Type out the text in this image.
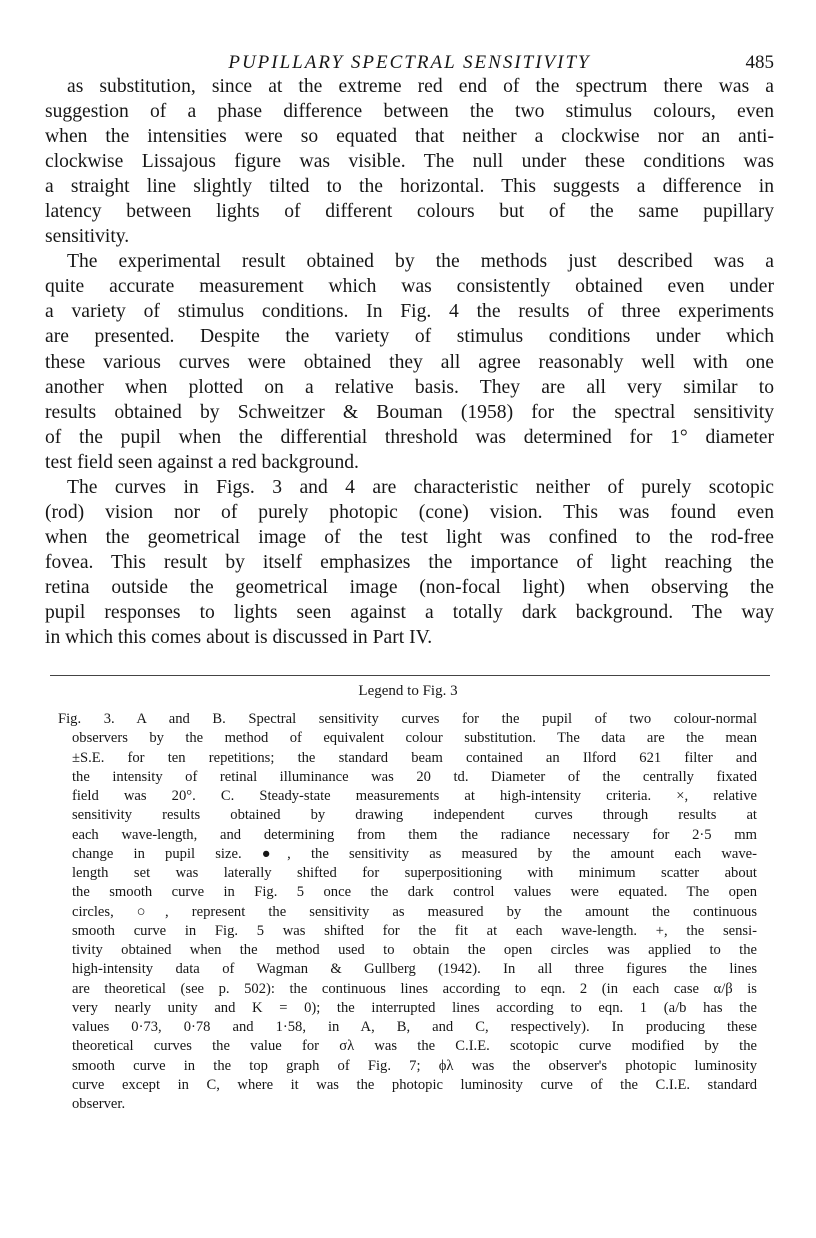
PUPILLARY SPECTRAL SENSITIVITY	485
as substitution, since at the extreme red end of the spectrum there was a
suggestion of a phase difference between the two stimulus colours, even
when the intensities were so equated that neither a clockwise nor an anti-
clockwise Lissajous figure was visible. The null under these conditions was
a straight line slightly tilted to the horizontal. This suggests a difference in
latency between lights of different colours but of the same pupillary
sensitivity.
The experimental result obtained by the methods just described was a
quite accurate measurement which was consistently obtained even under
a variety of stimulus conditions. In Fig. 4 the results of three experiments
are presented. Despite the variety of stimulus conditions under which
these various curves were obtained they all agree reasonably well with one
another when plotted on a relative basis. They are all very similar to
results obtained by Schweitzer & Bouman (1958) for the spectral sensitivity
of the pupil when the differential threshold was determined for 1° diameter
test field seen against a red background.
The curves in Figs. 3 and 4 are characteristic neither of purely scotopic
(rod) vision nor of purely photopic (cone) vision. This was found even
when the geometrical image of the test light was confined to the rod-free
fovea. This result by itself emphasizes the importance of light reaching the
retina outside the geometrical image (non-focal light) when observing the
pupil responses to lights seen against a totally dark background. The way
in which this comes about is discussed in Part IV.
Legend to Fig. 3
Fig. 3. A and B. Spectral sensitivity curves for the pupil of two colour-normal
observers by the method of equivalent colour substitution. The data are the mean
±S.E. for ten repetitions; the standard beam contained an Ilford 621 filter and
the intensity of retinal illuminance was 20 td. Diameter of the centrally fixated
field was 20°. C. Steady-state measurements at high-intensity criteria. ×, relative
sensitivity results obtained by drawing independent curves through results at
each wave-length, and determining from them the radiance necessary for 2·5 mm
change in pupil size. ●, the sensitivity as measured by the amount each wave-
length set was laterally shifted for superpositioning with minimum scatter about
the smooth curve in Fig. 5 once the dark control values were equated. The open
circles, ○, represent the sensitivity as measured by the amount the continuous
smooth curve in Fig. 5 was shifted for the fit at each wave-length. +, the sensi-
tivity obtained when the method used to obtain the open circles was applied to the
high-intensity data of Wagman & Gullberg (1942). In all three figures the lines
are theoretical (see p. 502): the continuous lines according to eqn. 2 (in each case α/β is
very nearly unity and K = 0); the interrupted lines according to eqn. 1 (a/b has the
values 0·73, 0·78 and 1·58, in A, B, and C, respectively). In producing these
theoretical curves the value for σλ was the C.I.E. scotopic curve modified by the
smooth curve in the top graph of Fig. 7; ϕλ was the observer's photopic luminosity
curve except in C, where it was the photopic luminosity curve of the C.I.E. standard
observer.
